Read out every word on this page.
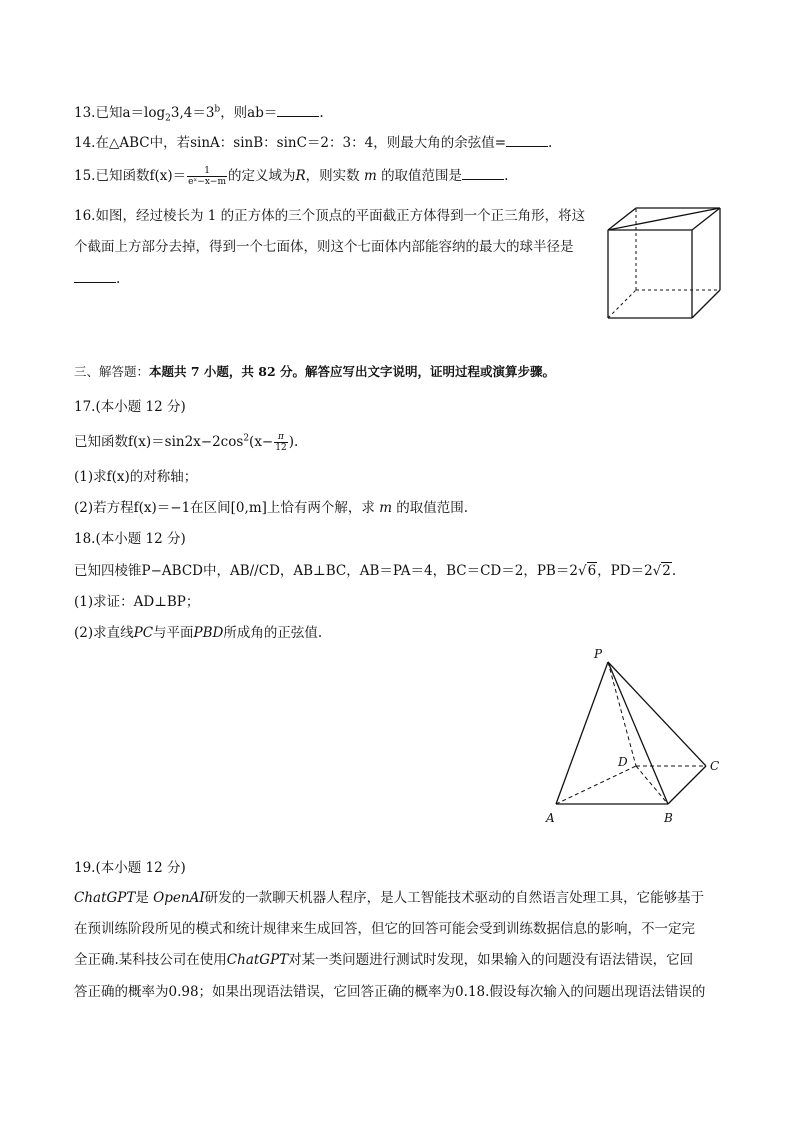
13.已知$a=\log_23,4=3^b$，则ab＝	.
14.在△ABC中，若sinA：sinB：sinC＝2：3：4，则最大角的余弦值=	.
15.已知函数$f(x)= \frac{1}{\text{eˣ−x−m}}$ 的定义域为R，则实数 m 的取值范围是	.
16.如图，经过棱长为 1 的正方体的三个顶点的平面截正方体得到一个正三角形，将这
个截面上方部分去掉，得到一个七面体，则这个七面体内部能容纳的最大的球半径是
.
三、解答题：本题共 7 小题，共 82 分。解答应写出文字说明，证明过程或演算步骤。
17.(本小题 12 分)
已知函数$f(x)=\sin 2x-2\cos^2(x- \frac{\pi}{12}$ ).
(1)求f(x)的对称轴；
(2)若方程f(x)＝−1在区间[0,m]上恰有两个解，求 m 的取值范围.
18.(本小题 12 分)
已知四棱锥P−ABCD中，AB//CD，AB⊥BC，AB＝PA＝4，BC＝CD＝2，PB＝2√6，PD＝2√2.
(1)求证：AD⊥BP；
(2)求直线PC与平面PBD所成角的正弦值.
P
D	C
A	B
19.(本小题 12 分)
ChatGPT是 OpenAI研发的一款聊天机器人程序，是人工智能技术驱动的自然语言处理工具，它能够基于
在预训练阶段所见的模式和统计规律来生成回答，但它的回答可能会受到训练数据信息的影响，不一定完
全正确.某科技公司在使用ChatGPT对某一类问题进行测试时发现，如果输入的问题没有语法错误，它回
答正确的概率为0.98；如果出现语法错误，它回答正确的概率为0.18.假设每次输入的问题出现语法错误的
